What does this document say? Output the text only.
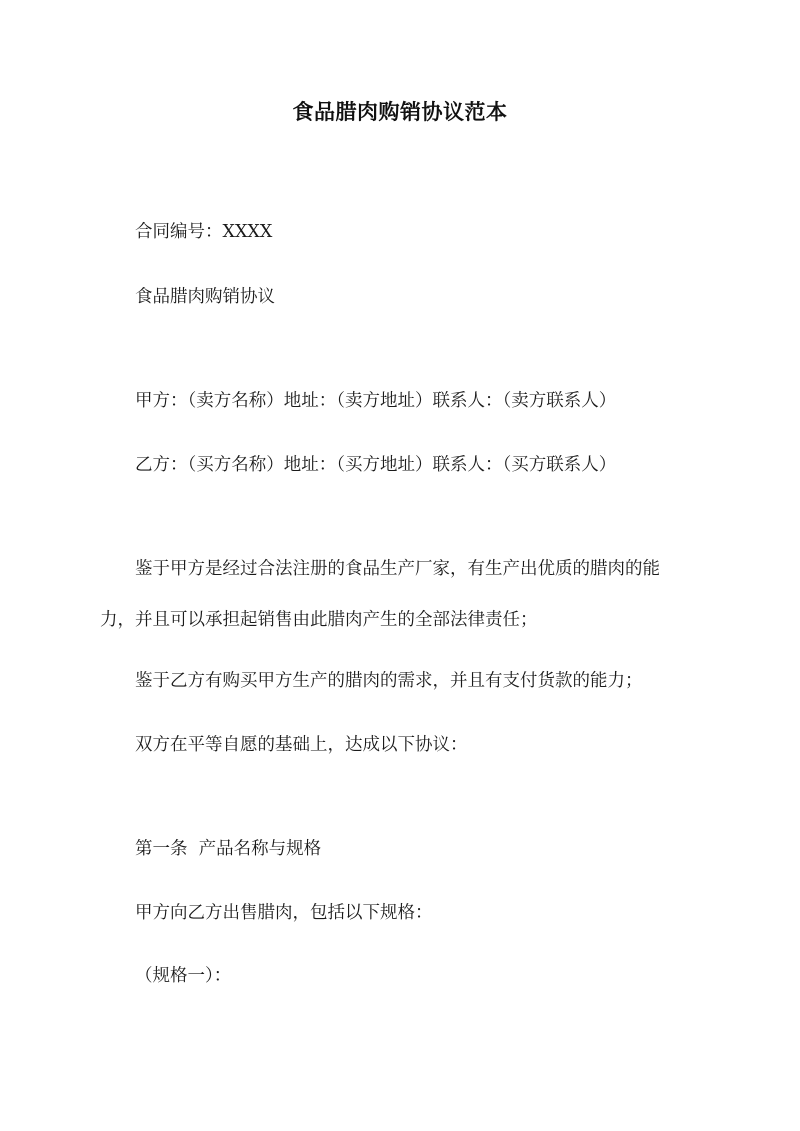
食品腊肉购销协议范本
合同编号：XXXX
食品腊肉购销协议
甲方：（卖方名称）地址：（卖方地址）联系人：（卖方联系人）
乙方：（买方名称）地址：（买方地址）联系人：（买方联系人）
鉴于甲方是经过合法注册的食品生产厂家，有生产出优质的腊肉的能
力，并且可以承担起销售由此腊肉产生的全部法律责任；
鉴于乙方有购买甲方生产的腊肉的需求，并且有支付货款的能力；
双方在平等自愿的基础上，达成以下协议：
第一条  产品名称与规格
甲方向乙方出售腊肉，包括以下规格：
（规格一）：
